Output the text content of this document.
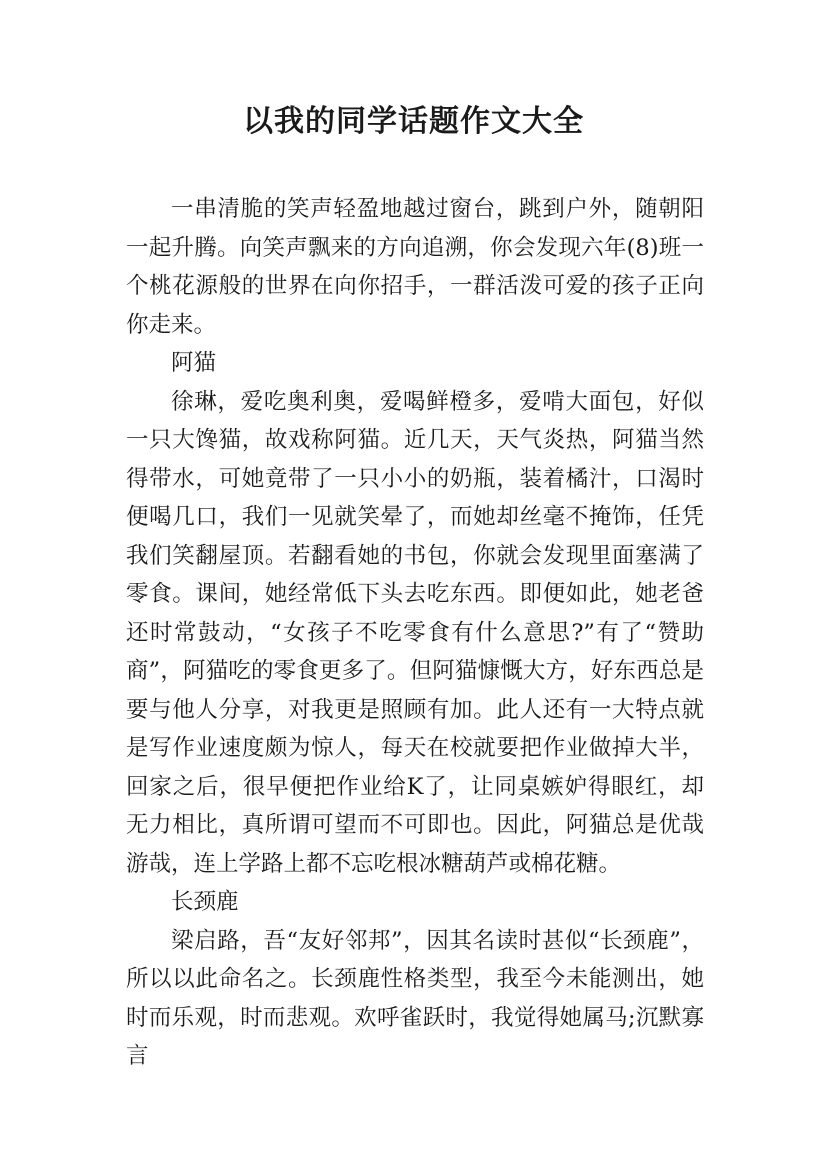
以我的同学话题作文大全

一串清脆的笑声轻盈地越过窗台，跳到户外，随朝阳一起升腾。向笑声飘来的方向追溯，你会发现六年(8)班一个桃花源般的世界在向你招手，一群活泼可爱的孩子正向你走来。

阿猫

徐琳，爱吃奥利奥，爱喝鲜橙多，爱啃大面包，好似一只大馋猫，故戏称阿猫。近几天，天气炎热，阿猫当然得带水，可她竟带了一只小小的奶瓶，装着橘汁，口渴时便喝几口，我们一见就笑晕了，而她却丝毫不掩饰，任凭我们笑翻屋顶。若翻看她的书包，你就会发现里面塞满了零食。课间，她经常低下头去吃东西。即便如此，她老爸还时常鼓动，“女孩子不吃零食有什么意思?”有了“赞助商”，阿猫吃的零食更多了。但阿猫慷慨大方，好东西总是要与他人分享，对我更是照顾有加。此人还有一大特点就是写作业速度颇为惊人，每天在校就要把作业做掉大半，回家之后，很早便把作业给K了，让同桌嫉妒得眼红，却无力相比，真所谓可望而不可即也。因此，阿猫总是优哉游哉，连上学路上都不忘吃根冰糖葫芦或棉花糖。

长颈鹿

梁启路，吾“友好邻邦”，因其名读时甚似“长颈鹿”，所以以此命名之。长颈鹿性格类型，我至今未能测出，她时而乐观，时而悲观。欢呼雀跃时，我觉得她属马;沉默寡言
